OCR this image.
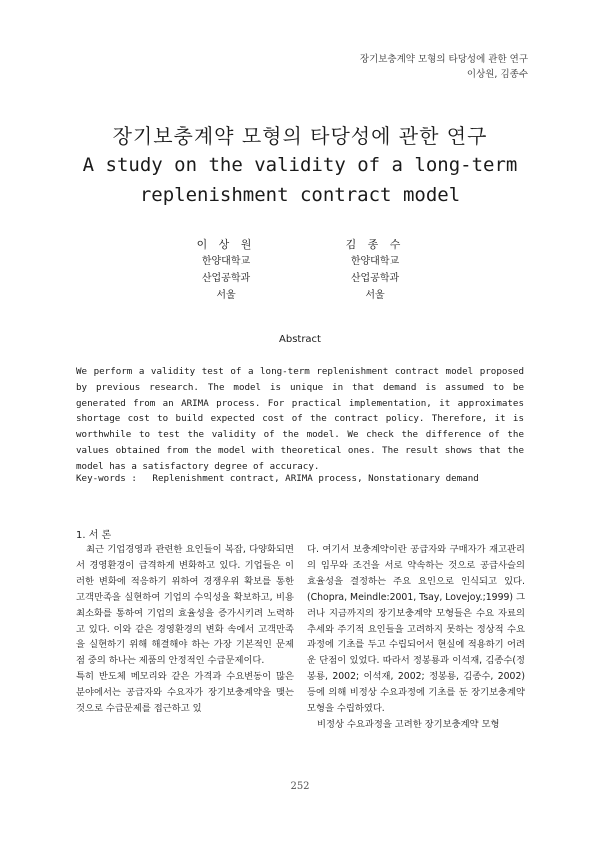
장기보충계약 모형의 타당성에 관한 연구
이상원, 김종수
장기보충계약 모형의 타당성에 관한 연구
A study on the validity of a long-term
replenishment contract model
이 상 원
한양대학교
산업공학과
서울
김 종 수
한양대학교
산업공학과
서울
Abstract

We perform a validity test of a long-term replenishment contract model proposed by previous research. The model is unique in that demand is assumed to be generated from an ARIMA process. For practical implementation, it approximates shortage cost to build expected cost of the contract policy. Therefore, it is worthwhile to test the validity of the model. We check the difference of the values obtained from the model with theoretical ones. The result shows that the model has a satisfactory degree of accuracy.

Key-words : Replenishment contract, ARIMA process, Nonstationary demand
1. 서 론

최근 기업경영과 관련한 요인들이 복잡, 다양화되면서 경영환경이 급격하게 변화하고 있다. 기업들은 이러한 변화에 적응하기 위하여 경쟁우위 확보를 통한 고객만족을 실현하여 기업의 수익성을 확보하고, 비용 최소화를 통하여 기업의 효율성을 증가시키려 노력하고 있다. 이와 같은 경영환경의 변화 속에서 고객만족을 실현하기 위해 해결해야 하는 가장 기본적인 문제점 중의 하나는 제품의 안정적인 수급문제이다.

특히 반도체 메모리와 같은 가격과 수요변동이 많은 분야에서는 공급자와 수요자가 장기보충계약을 맺는 것으로 수급문제를 접근하고 있

다. 여기서 보충계약이란 공급자와 구매자가 재고관리의 임무와 조건을 서로 약속하는 것으로 공급사슬의 효율성을 결정하는 주요 요인으로 인식되고 있다.(Chopra, Meindle:2001, Tsay, Lovejoy.;1999) 그러나 지금까지의 장기보충계약 모형들은 수요 자료의 추세와 주기적 요인들을 고려하지 못하는 정상적 수요과정에 기초를 두고 수립되어서 현실에 적용하기 어려운 단점이 있었다. 따라서 정봉룡과 이석재, 김종수(정봉룡, 2002; 이석재, 2002; 정봉룡, 김종수, 2002) 등에 의해 비정상 수요과정에 기초를 둔 장기보충계약 모형을 수립하였다.

비정상 수요과정을 고려한 장기보충계약 모형

252
